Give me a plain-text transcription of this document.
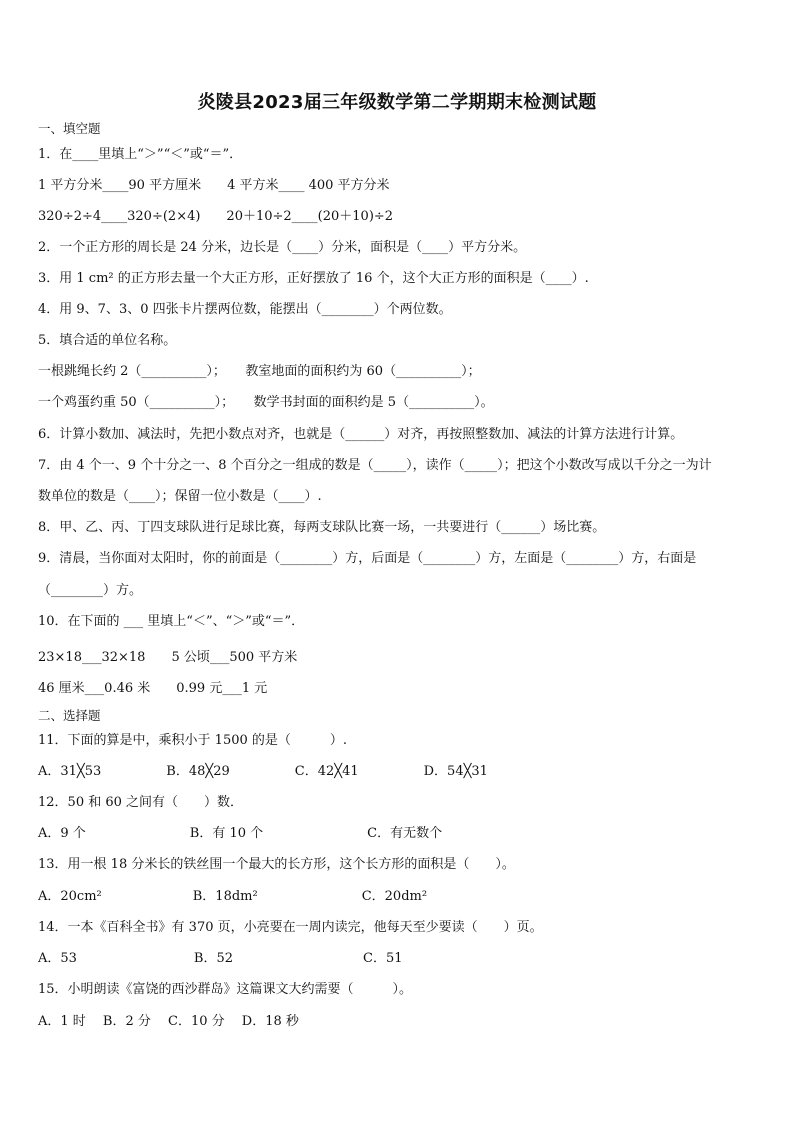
炎陵县2023届三年级数学第二学期期末检测试题
一、填空题
1．在____里填上“＞”“＜”或“＝”．
1 平方分米____90 平方厘米　　4 平方米____ 400 平方分米
320÷2÷4____320÷(2×4)　　20＋10÷2____(20＋10)÷2
2．一个正方形的周长是 24 分米，边长是（____）分米，面积是（____）平方分米。
3．用 1 cm² 的正方形去量一个大正方形，正好摆放了 16 个，这个大正方形的面积是（____）.
4．用 9、7、3、0 四张卡片摆两位数，能摆出（________）个两位数。
5．填合适的单位名称。
一根跳绳长约 2（__________）；　　教室地面的面积约为 60（__________）；
一个鸡蛋约重 50（__________）；　　数学书封面的面积约是 5（__________）。
6．计算小数加、减法时，先把小数点对齐，也就是（______）对齐，再按照整数加、减法的计算方法进行计算。
7．由 4 个一、9 个十分之一、8 个百分之一组成的数是（_____），读作（_____）；把这个小数改写成以千分之一为计
数单位的数是（____）；保留一位小数是（____）.
8．甲、乙、丙、丁四支球队进行足球比赛，每两支球队比赛一场，一共要进行（______）场比赛。
9．清晨，当你面对太阳时，你的前面是（________）方，后面是（________）方，左面是（________）方，右面是
（________）方。
10．在下面的 ___ 里填上“＜”、“＞”或“＝”．
23×18___32×18　　5 公顷___500 平方米
46 厘米___0.46 米　　0.99 元___1 元
二、选择题
11．下面的算是中，乘积小于 1500 的是（　　　）.
A．31╳53　　　　　B．48╳29　　　　　C．42╳41　　　　　D．54╳31
12．50 和 60 之间有（　　）数．
A．9 个　　　　　　　　B．有 10 个　　　　　　　　C．有无数个
13．用一根 18 分米长的铁丝围一个最大的长方形，这个长方形的面积是（　　）。
A．20cm²　　　　　　　B．18dm²　　　　　　　　C．20dm²
14．一本《百科全书》有 370 页，小亮要在一周内读完，他每天至少要读（　　）页。
A．53　　　　　　　　　B．52　　　　　　　　　　C．51
15．小明朗读《富饶的西沙群岛》这篇课文大约需要（　　　）。
A．1 时　 B．2 分　 C．10 分　 D．18 秒
